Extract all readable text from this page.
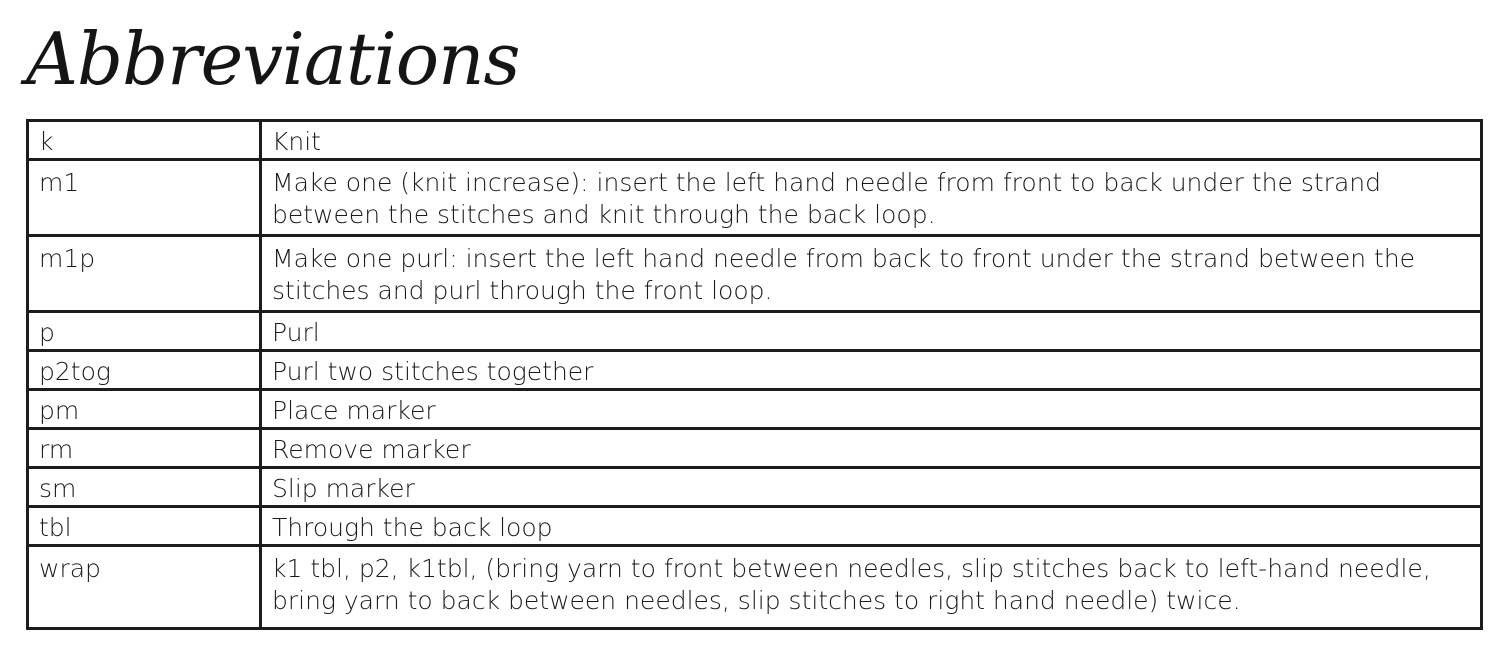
Abbreviations
k	Knit
m1	Make one (knit increase): insert the left hand needle from front to back under the strand
between the stitches and knit through the back loop.

m1p	Make one purl: insert the left hand needle from back to front under the strand between the
stitches and purl through the front loop.

p	Purl
p2tog	Purl two stitches together
pm	Place marker
rm	Remove marker
sm	Slip marker
tbl	Through the back loop
wrap	k1 tbl, p2, k1tbl, (bring yarn to front between needles, slip stitches back to left-hand needle,
bring yarn to back between needles, slip stitches to right hand needle) twice.
